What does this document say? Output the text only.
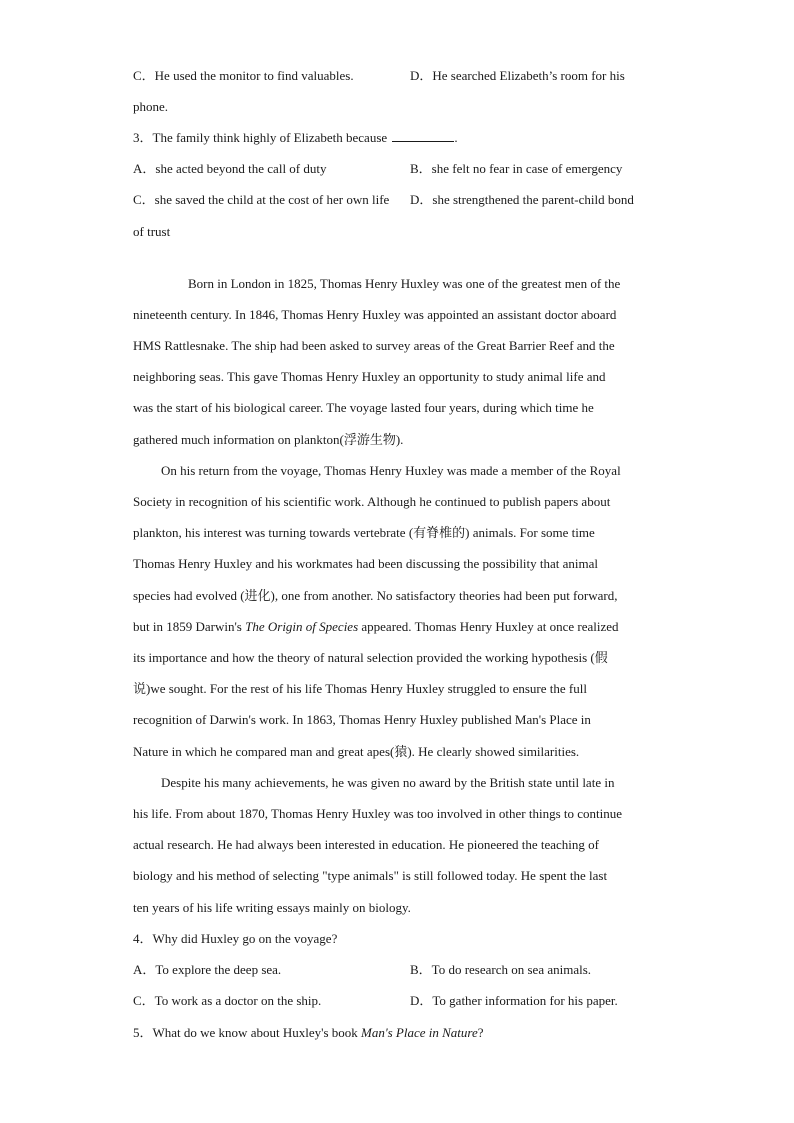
C．He used the monitor to find valuables.	D．He searched Elizabeth’s room for his
phone.
3．The family think highly of Elizabeth because	.
A．she acted beyond the call of duty	B．she felt no fear in case of emergency
C．she saved the child at the cost of her own life D．she strengthened the parent-child bond
of trust
Born in London in 1825, Thomas Henry Huxley was one of the greatest men of the
nineteenth century. In 1846, Thomas Henry Huxley was appointed an assistant doctor aboard
HMS Rattlesnake. The ship had been asked to survey areas of the Great Barrier Reef and the
neighboring seas. This gave Thomas Henry Huxley an opportunity to study animal life and
was the start of his biological career. The voyage lasted four years, during which time he
gathered much information on plankton(浮游生物).
On his return from the voyage, Thomas Henry Huxley was made a member of the Royal
Society in recognition of his scientific work. Although he continued to publish papers about
plankton, his interest was turning towards vertebrate (有脊椎的) animals. For some time
Thomas Henry Huxley and his workmates had been discussing the possibility that animal
species had evolved (进化), one from another. No satisfactory theories had been put forward,
but in 1859 Darwin's The Origin of Species appeared. Thomas Henry Huxley at once realized
its importance and how the theory of natural selection provided the working hypothesis (假
说)we sought. For the rest of his life Thomas Henry Huxley struggled to ensure the full
recognition of Darwin's work. In 1863, Thomas Henry Huxley published Man's Place in
Nature in which he compared man and great apes(猿). He clearly showed similarities.
Despite his many achievements, he was given no award by the British state until late in
his life. From about 1870, Thomas Henry Huxley was too involved in other things to continue
actual research. He had always been interested in education. He pioneered the teaching of
biology and his method of selecting "type animals" is still followed today. He spent the last
ten years of his life writing essays mainly on biology.
4．Why did Huxley go on the voyage?
A．To explore the deep sea.	B．To do research on sea animals.
C．To work as a doctor on the ship.	D．To gather information for his paper.
5．What do we know about Huxley's book Man's Place in Nature?
